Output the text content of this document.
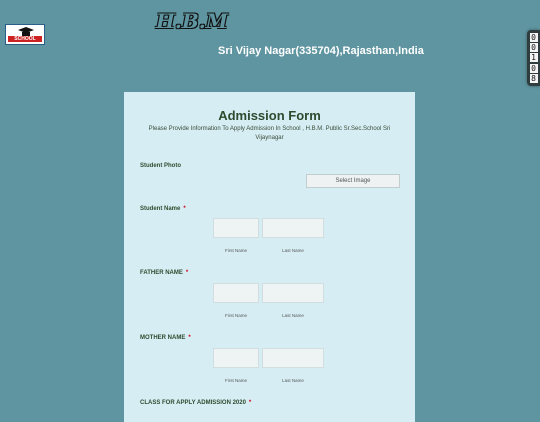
SCHOOL
H.B.M
Sri Vijay Nagar(335704),Rajasthan,India
0
0
1
0
8
Admission Form
Please Provide Information To Apply Admission In School , H.B.M. Public Sr.Sec.School Sri Vijaynagar
Student Photo
Select Image
Student Name *
First Name	Last Name
FATHER NAME *
First Name	Last Name
MOTHER NAME *
First Name	Last Name
CLASS FOR APPLY ADMISSION 2020 *
